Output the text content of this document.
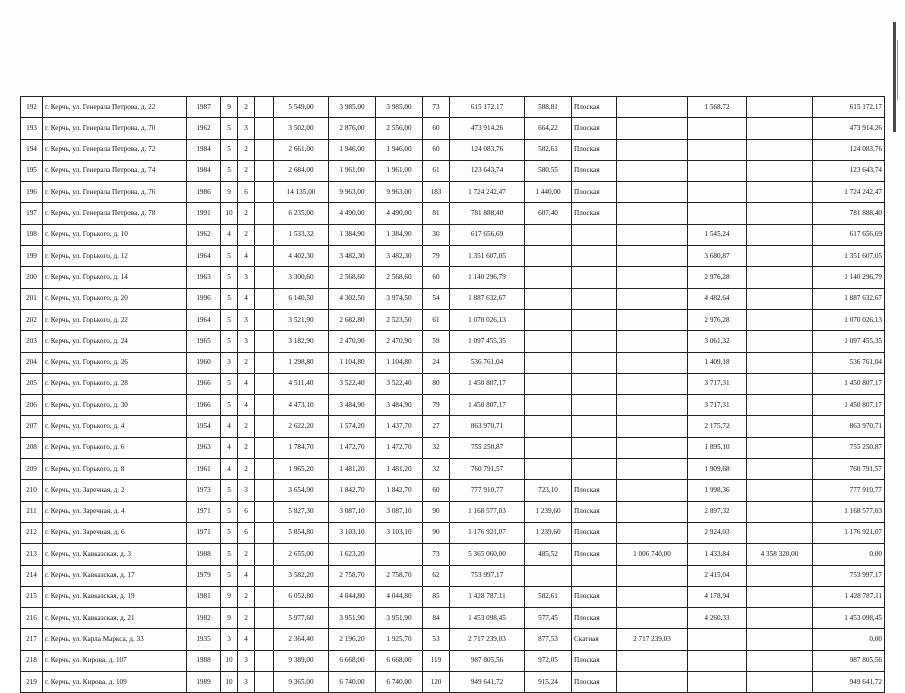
192	г. Керчь, ул. Генерала Петрова, д. 22	1987	9	2		5 549,00	3 985,00	3 985,00	73	615 172,17	588,81	Плоская		1 568,72		615 172,17
193	г. Керчь, ул. Генерала Петрова, д. 70	1962	5	3		3 502,00	2 876,00	2 556,00	60	473 914,26	664,22	Плоская				473 914,26
194	г. Керчь, ул. Генерала Петрова, д. 72	1984	5	2		2 661,00	1 946,00	1 946,00	60	124 083,76	582,61	Плоская				124 083,76
195	г. Керчь, ул. Генерала Петрова, д. 74	1984	5	2		2 684,00	1 961,00	1 961,00	61	123 643,74	580,55	Плоская				123 643,74
196	г. Керчь, ул. Генерала Петрова, д. 76	1986	9	6		14 135,00	9 963,00	9 963,00	183	1 724 242,47	1 440,00	Плоская				1 724 242,47
197	г. Керчь, ул. Генерала Петрова, д. 78	1991	10	2		6 235,00	4 490,00	4 490,00	81	781 888,40	607,40	Плоская				781 888,40
198	г. Керчь, ул. Горького, д. 10	1962	4	2		1 533,32	1 384,90	1 384,90	30	617 656,69				1 545,24		617 656,69
199	г. Керчь, ул. Горького, д. 12	1964	5	4		4 402,30	3 482,30	3 482,30	79	1 351 607,05				3 680,87		1 351 607,05
200	г. Керчь, ул. Горького, д. 14	1963	5	3		3 300,60	2 568,60	2 568,60	60	1 140 296,79				2 976,28		1 140 296,79
201	г. Керчь, ул. Горького, д. 20	1996	5	4		6 140,50	4 302,50	3 974,50	54	1 887 632,67				4 482,64		1 887 632,67
202	г. Керчь, ул. Горького, д. 22	1964	5	3		3 521,90	2 682,80	2 523,50	61	1 070 026,13				2 976,28		1 070 026,13
203	г. Керчь, ул. Горького, д. 24	1965	5	3		3 182,90	2 470,90	2 470,90	59	1 097 455,35				3 061,32		1 097 455,35
204	г. Керчь, ул. Горького, д. 26	1960	3	2		1 298,80	1 104,80	1 104,80	24	536 761,04				1 409,18		536 761,04
205	г. Керчь, ул. Горького, д. 28	1966	5	4		4 511,40	3 522,40	3 522,40	80	1 450 807,17				3 717,31		1 450 807,17
206	г. Керчь, ул. Горького, д. 30	1966	5	4		4 473,10	3 484,90	3 484,90	79	1 450 807,17				3 717,31		1 450 807,17
207	г. Керчь, ул. Горького, д. 4	1954	4	2		2 622,20	1 574,20	1 437,70	27	863 970,71				2 175,72		863 970,71
208	г. Керчь, ул. Горького, д. 6	1963	4	2		1 784,70	1 472,70	1 472,70	32	755 250,87				1 895,10		755 250,87
209	г. Керчь, ул. Горького, д. 8	1961	4	2		1 965,20	1 481,20	1 481,20	32	760 791,57				1 909,68		760 791,57
210	г. Керчь, ул. Заречная, д. 2	1973	5	3		3 654,90	1 842,70	1 842,70	60	777 910,77	723,10	Плоская		1 998,36		777 910,77
211	г. Керчь, ул. Заречная, д. 4	1971	5	6		5 827,30	3 087,10	3 087,10	90	1 168 577,03	1 239,60	Плоская		2 897,32		1 168 577,03
212	г. Керчь, ул. Заречная, д. 6	1971	5	6		5 854,80	3 103,10	3 103,10	90	1 176 921,07	1 239,60	Плоская		2 924,03		1 176 921,07
213	г. Керчь, ул. Кавказская, д. 3	1988	5	2		2 655,00	1 623,20		73	5 365 060,00	485,52	Плоская	1 006 740,00	1 433,84	4 358 320,00	0,00
214	г. Керчь, ул. Кавказская, д. 17	1979	5	4		3 582,20	2 758,70	2 758,70	62	753 997,17				2 415,04		753 997,17
215	г. Керчь, ул. Кавказская, д. 19	1981	9	2		6 052,80	4 044,80	4 044,80	85	1 428 787,11	582,61	Плоская		4 178,94		1 428 787,11
216	г. Керчь, ул. Кавказская, д. 21	1982	9	2		5 977,60	3 951,90	3 951,90	84	1 453 098,45	577,45	Плоская		4 260,33		1 453 098,45
217	г. Керчь, ул. Карла Маркса, д. 33	1935	3	4		2 364,40	2 196,20	1 925,70	53	2 717 239,03	877,53	Скатная	2 717 239,03			0,00
218	г. Керчь, ул. Кирова, д. 107	1988	10	3		9 389,00	6 668,00	6 668,00	119	987 805,56	972,05	Плоская				987 805,56
219	г. Керчь, ул. Кирова, д. 109	1989	10	3		9 365,00	6 740,00	6 740,00	120	949 641,72	915,24	Плоская				949 641,72
